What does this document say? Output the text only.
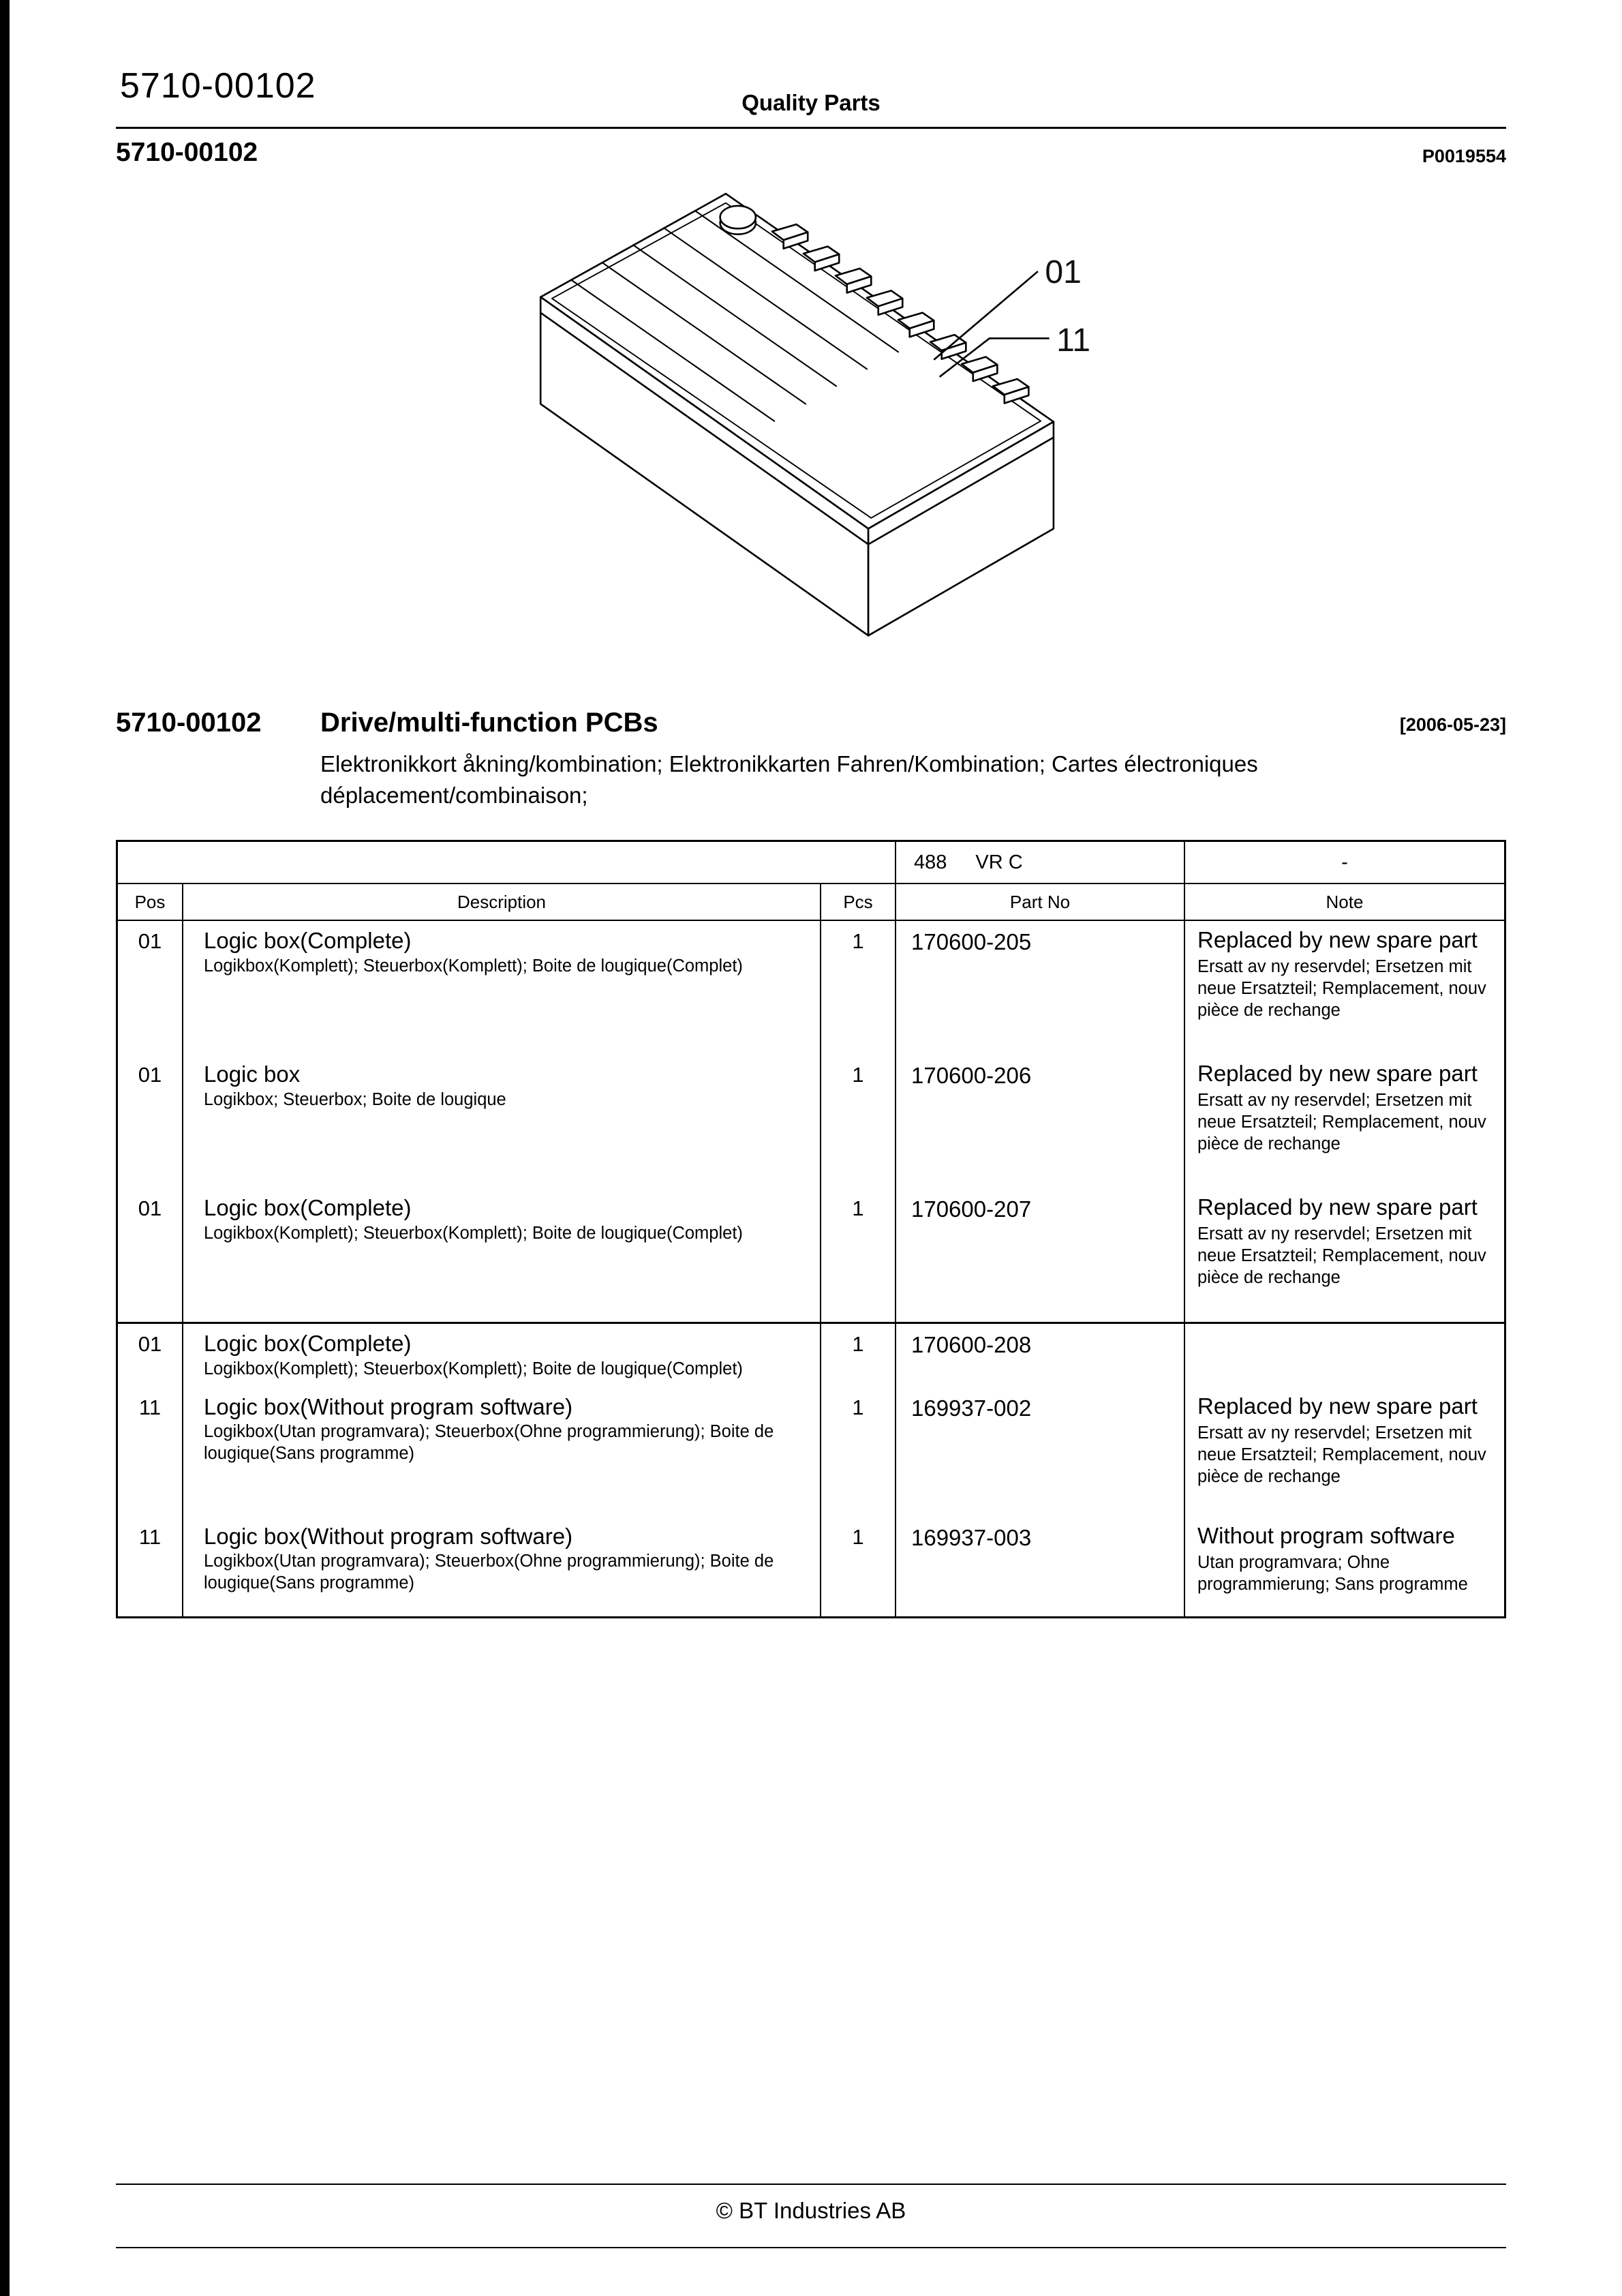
5710-00102	Quality Parts
5710-00102	P0019554
01
11
5710-00102 Drive/multi-function PCBs	[2006-05-23]
Elektronikkort åkning/kombination; Elektronikkarten Fahren/Kombination; Cartes électroniques déplacement/combinaison;
488 VR C	-
Pos	Description	Pcs	Part No	Note
01	Logic box(Complete)
Logikbox(Komplett); Steuerbox(Komplett); Boite de lougique(Complet)
1	170600-205	Replaced by new spare part
Ersatt av ny reservdel; Ersetzen mit neue Ersatzteil; Remplacement, nouv pièce de rechange
01	Logic box
Logikbox; Steuerbox; Boite de lougique
1	170600-206	Replaced by new spare part
Ersatt av ny reservdel; Ersetzen mit neue Ersatzteil; Remplacement, nouv pièce de rechange
01	Logic box(Complete)
Logikbox(Komplett); Steuerbox(Komplett); Boite de lougique(Complet)
1	170600-207	Replaced by new spare part
Ersatt av ny reservdel; Ersetzen mit neue Ersatzteil; Remplacement, nouv pièce de rechange
01	Logic box(Complete)
Logikbox(Komplett); Steuerbox(Komplett); Boite de lougique(Complet)
1	170600-208
11	Logic box(Without program software)
Logikbox(Utan programvara); Steuerbox(Ohne programmierung); Boite de lougique(Sans programme)
1	169937-002	Replaced by new spare part
Ersatt av ny reservdel; Ersetzen mit neue Ersatzteil; Remplacement, nouv pièce de rechange
11	Logic box(Without program software)
Logikbox(Utan programvara); Steuerbox(Ohne programmierung); Boite de lougique(Sans programme)
1	169937-003	Without program software
Utan programvara; Ohne programmierung; Sans programme
© BT Industries AB
